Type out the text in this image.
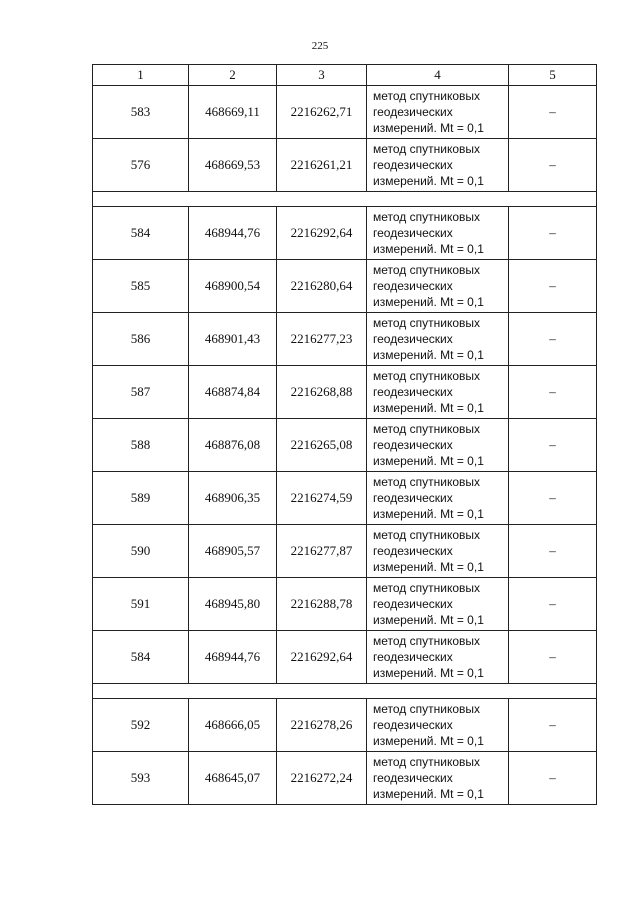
225
1	2	3	4	5
583	468669,11	2216262,71	метод спутниковых
геодезических
измерений. Mt = 0,1	–
576	468669,53	2216261,21	метод спутниковых
геодезических
измерений. Mt = 0,1	–

584	468944,76	2216292,64	метод спутниковых
геодезических
измерений. Mt = 0,1	–
585	468900,54	2216280,64	метод спутниковых
геодезических
измерений. Mt = 0,1	–
586	468901,43	2216277,23	метод спутниковых
геодезических
измерений. Mt = 0,1	–
587	468874,84	2216268,88	метод спутниковых
геодезических
измерений. Mt = 0,1	–
588	468876,08	2216265,08	метод спутниковых
геодезических
измерений. Mt = 0,1	–
589	468906,35	2216274,59	метод спутниковых
геодезических
измерений. Mt = 0,1	–
590	468905,57	2216277,87	метод спутниковых
геодезических
измерений. Mt = 0,1	–
591	468945,80	2216288,78	метод спутниковых
геодезических
измерений. Mt = 0,1	–
584	468944,76	2216292,64	метод спутниковых
геодезических
измерений. Mt = 0,1	–

592	468666,05	2216278,26	метод спутниковых
геодезических
измерений. Mt = 0,1	–
593	468645,07	2216272,24	метод спутниковых
геодезических
измерений. Mt = 0,1	–
